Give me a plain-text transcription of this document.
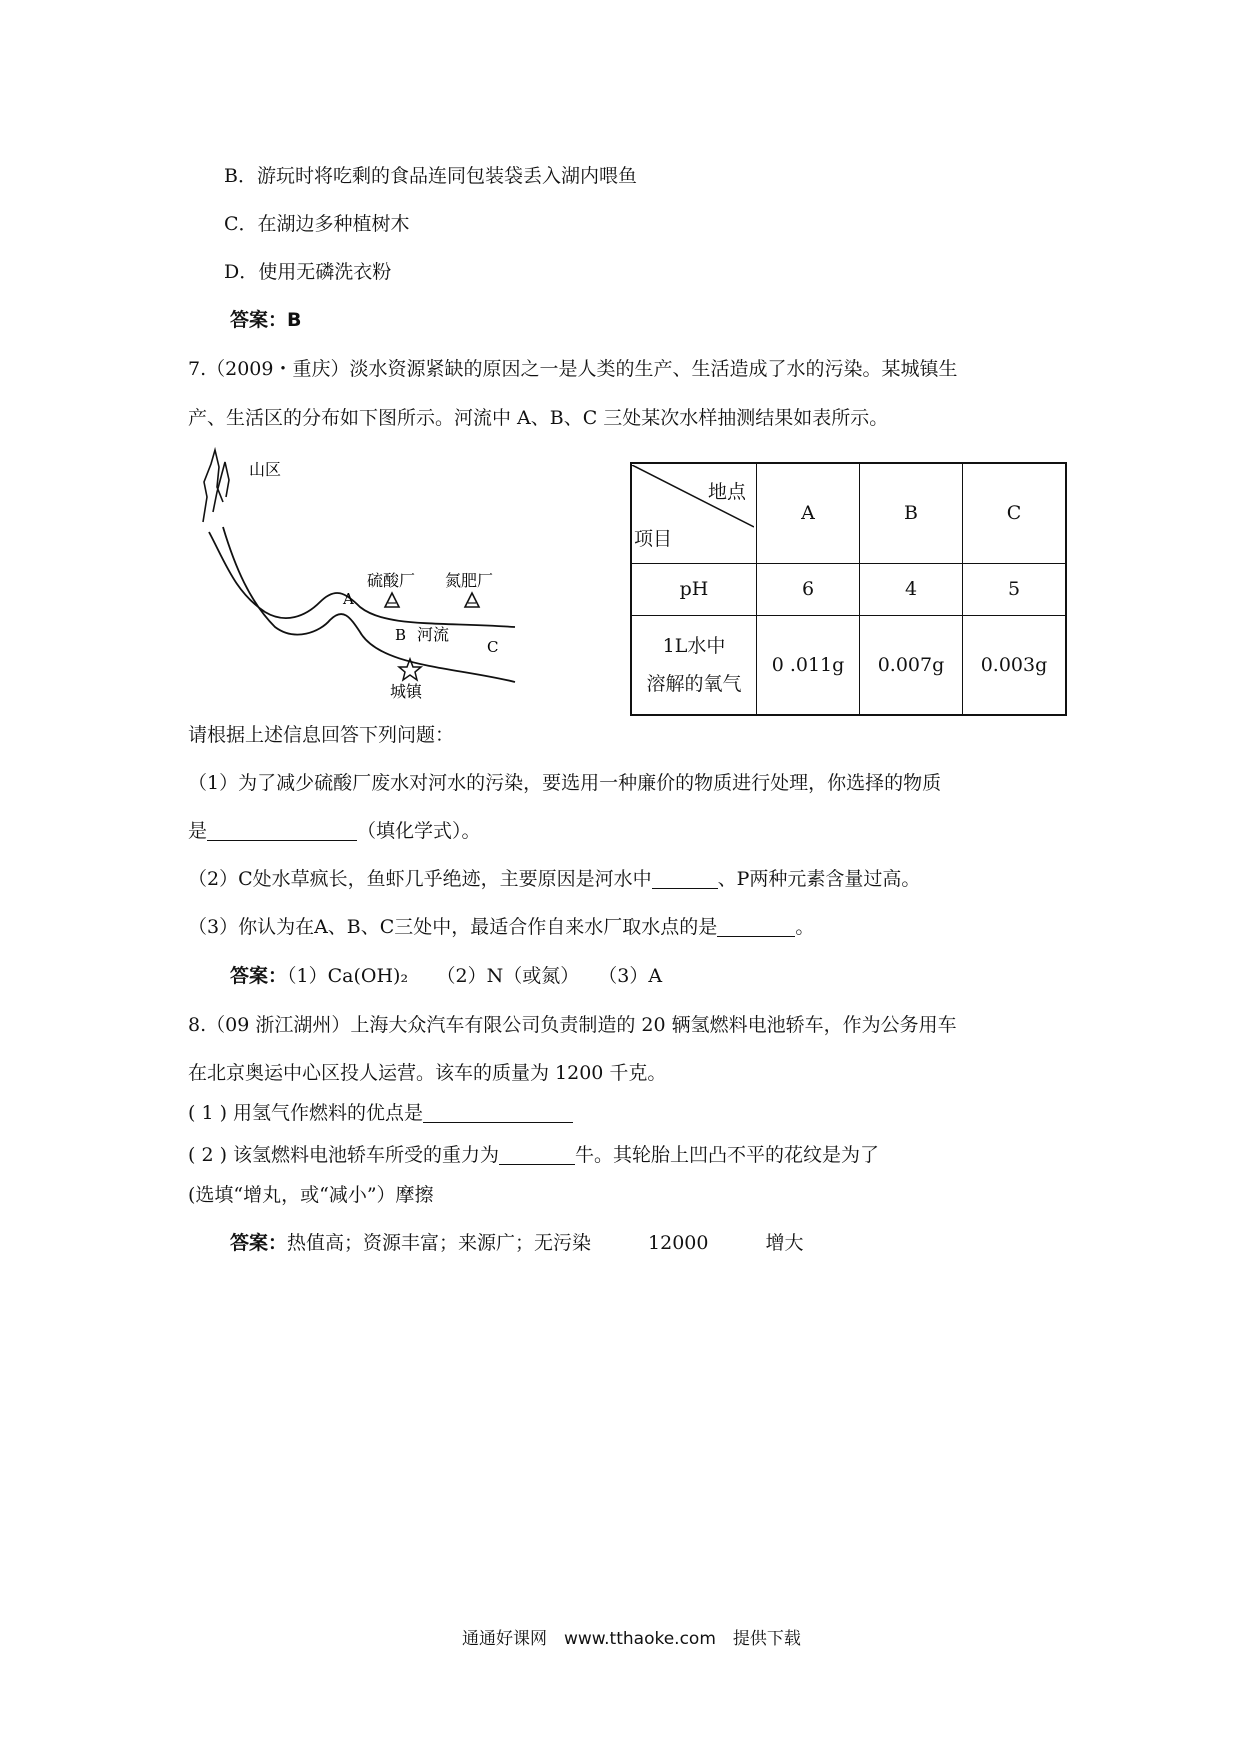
B．游玩时将吃剩的食品连同包装袋丢入湖内喂鱼
C．在湖边多种植树木
D．使用无磷洗衣粉
答案：B
7.（2009・重庆）淡水资源紧缺的原因之一是人类的生产、生活造成了水的污染。某城镇生
产、生活区的分布如下图所示。河流中 A、B、C 三处某次水样抽测结果如表所示。
山区
硫酸厂 氮肥厂
A
B 河流
C
城镇
地点
项目	A	B	C
pH	6	4	5

1L水中
溶解的氧气	0 .011g	0.007g	0.003g
请根据上述信息回答下列问题：
（1）为了减少硫酸厂废水对河水的污染，要选用一种廉价的物质进行处理，你选择的物质
是	（填化学式）。
（2）C处水草疯长，鱼虾几乎绝迹，主要原因是河水中	、P两种元素含量过高。
（3）你认为在A、B、C三处中，最适合作自来水厂取水点的是	。
答案：（1）Ca(OH)₂　　（2）N（或氮）　　（3）A
8.（09 浙江湖州）上海大众汽车有限公司负责制造的 20 辆氢燃料电池轿车，作为公务用车
在北京奥运中心区投人运营。该车的质量为 1200 千克。
( 1 ) 用氢气作燃料的优点是
( 2 ) 该氢燃料电池轿车所受的重力为	牛。其轮胎上凹凸不平的花纹是为了
(选填“增丸，或“减小”）摩擦
答案：热值高；资源丰富；来源广；无污染　　　12000　　　增大
通通好课网　www.tthaoke.com　提供下载
